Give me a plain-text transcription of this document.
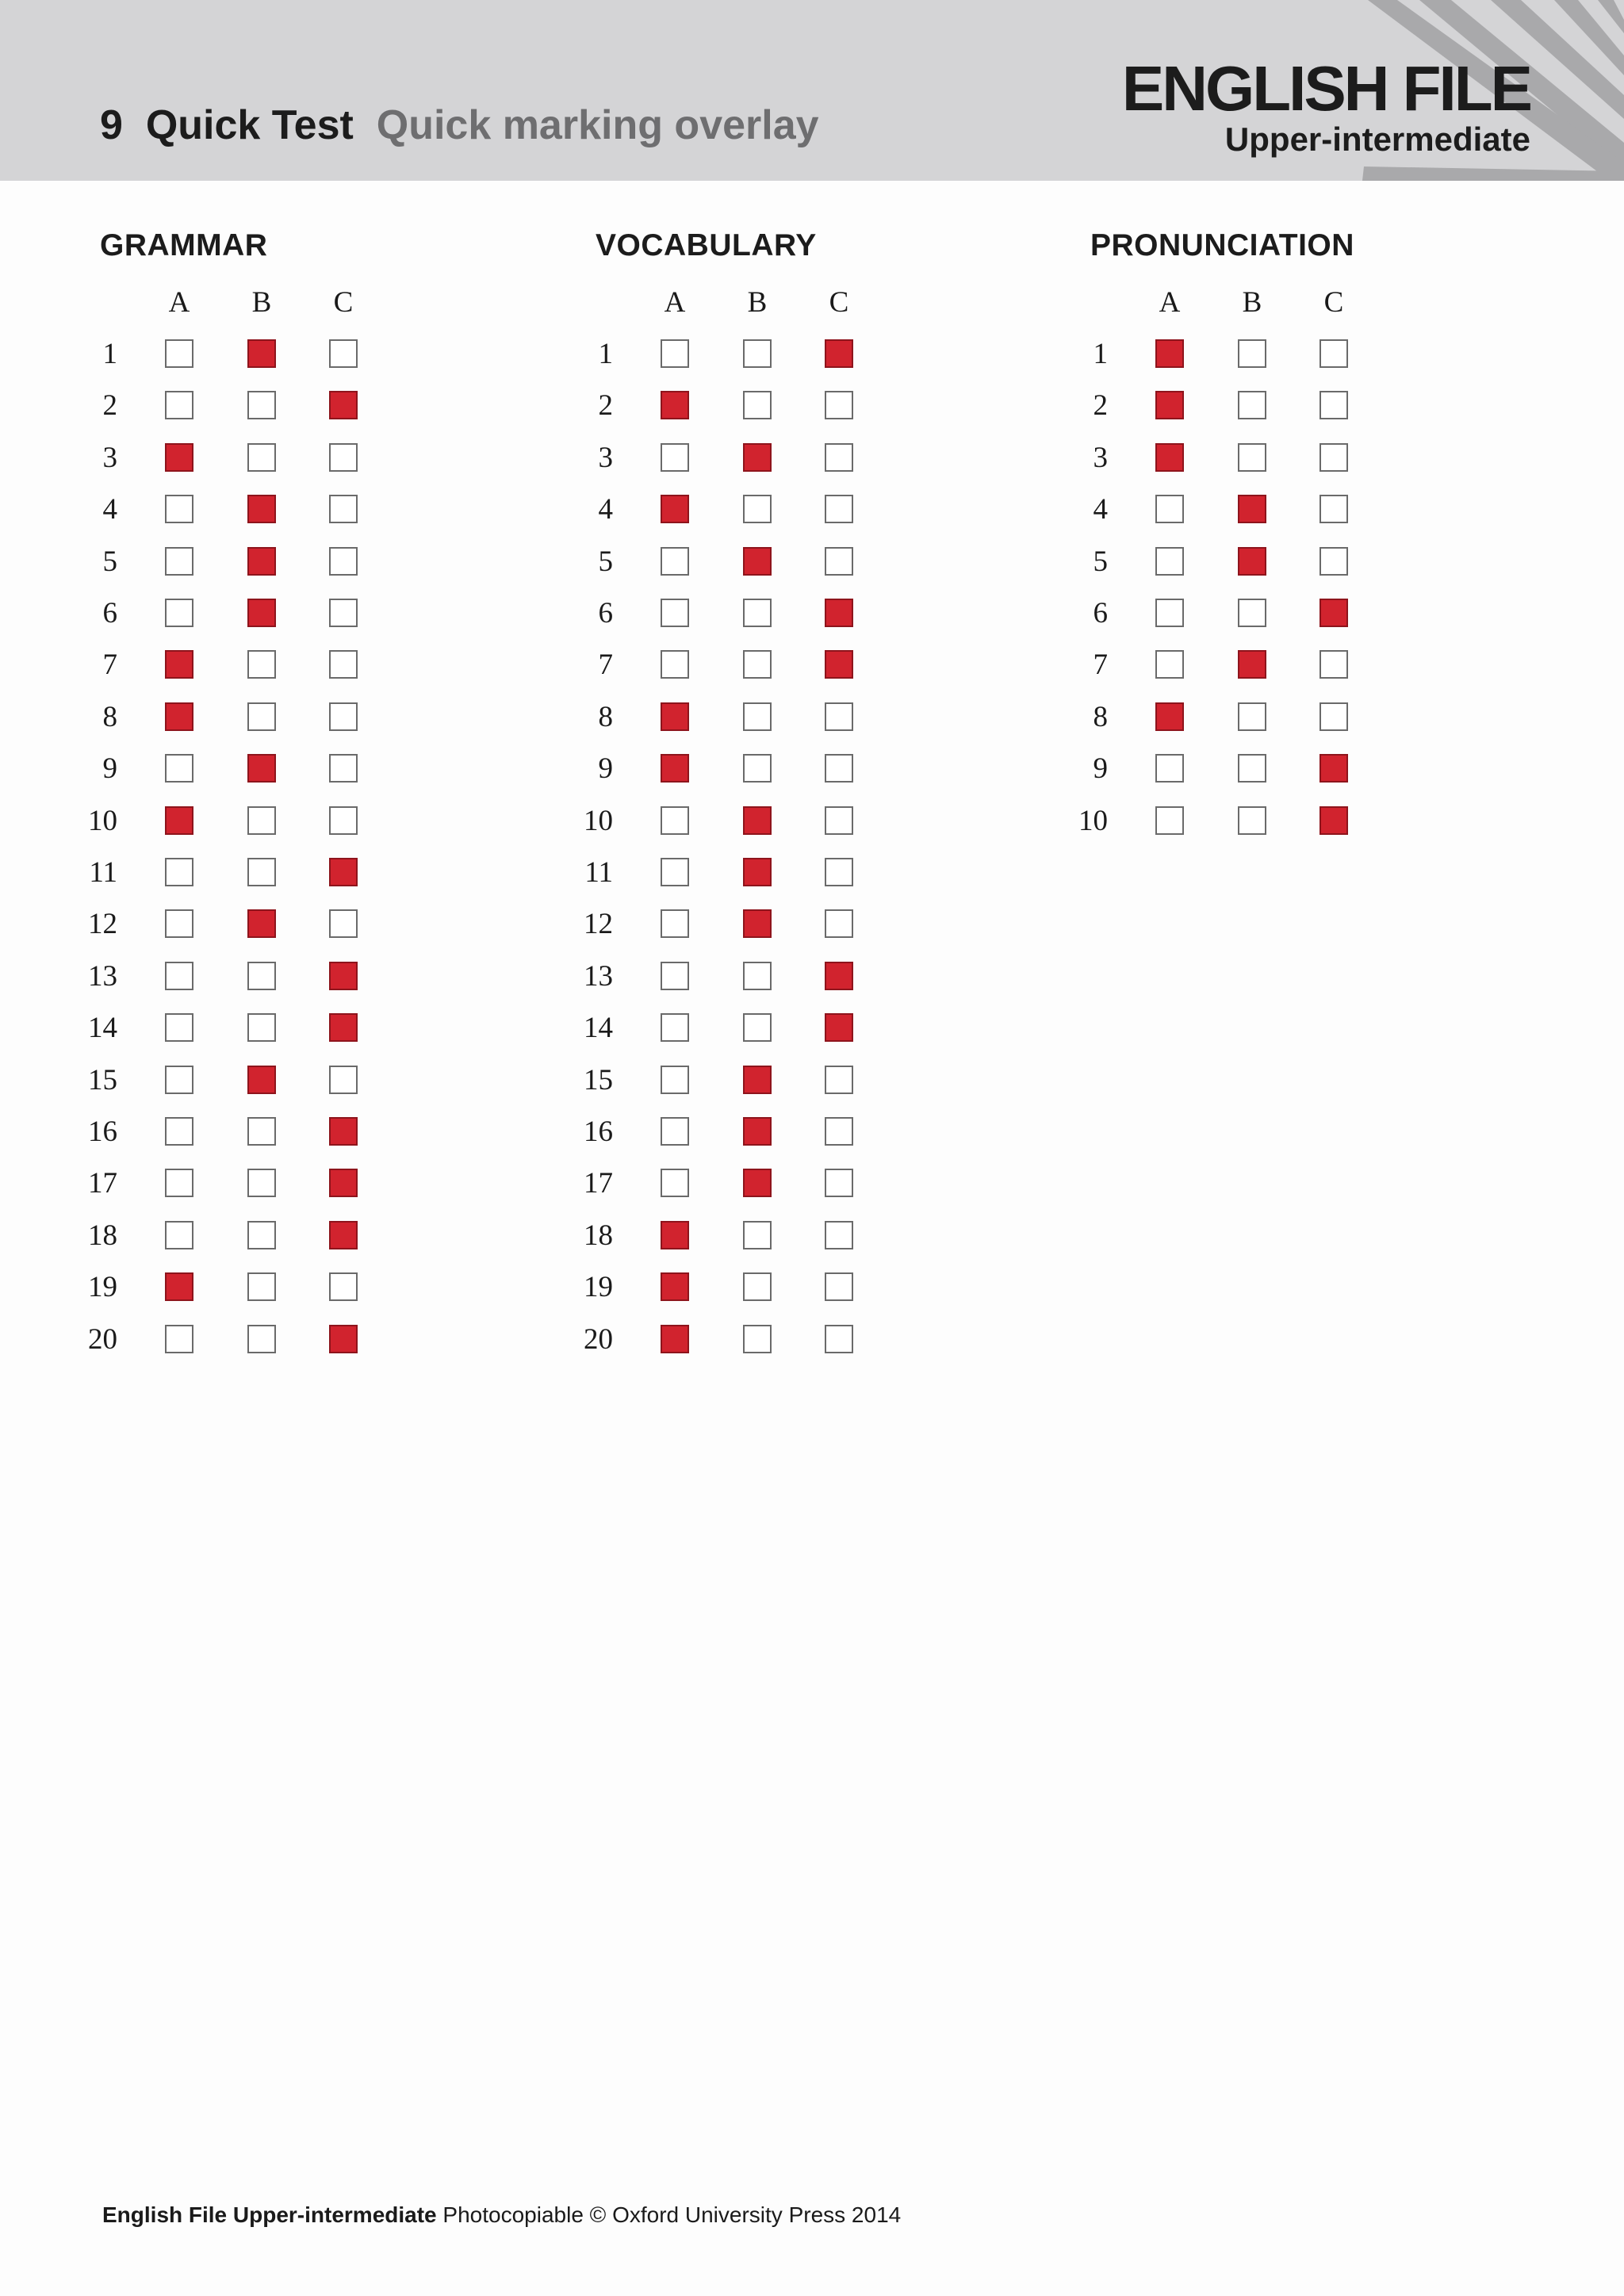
9 Quick Test Quick marking overlay
ENGLISH FILE
Upper-intermediate
GRAMMAR
A B C
1
2
3
4
5
6
7
8
9
10
11
12
13
14
15
16
17
18
19
20
VOCABULARY
A B C
1
2
3
4
5
6
7
8
9
10
11
12
13
14
15
16
17
18
19
20
PRONUNCIATION
A B C
1
2
3
4
5
6
7
8
9
10
English File Upper-intermediate Photocopiable © Oxford University Press 2014
